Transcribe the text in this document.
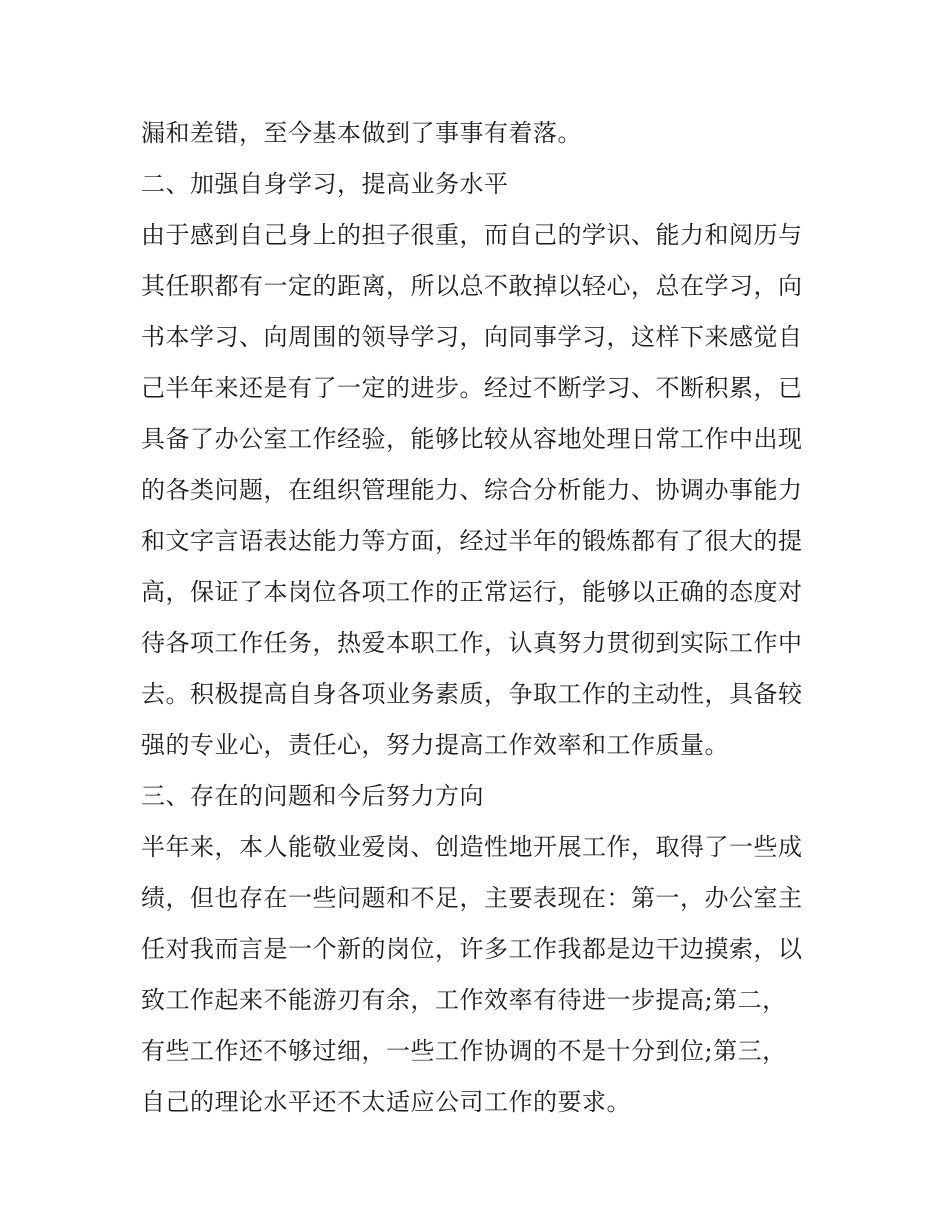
漏和差错，至今基本做到了事事有着落。

二、加强自身学习，提高业务水平

由于感到自己身上的担子很重，而自己的学识、能力和阅历与

其任职都有一定的距离，所以总不敢掉以轻心，总在学习，向

书本学习、向周围的领导学习，向同事学习，这样下来感觉自

己半年来还是有了一定的进步。经过不断学习、不断积累，已

具备了办公室工作经验，能够比较从容地处理日常工作中出现

的各类问题，在组织管理能力、综合分析能力、协调办事能力

和文字言语表达能力等方面，经过半年的锻炼都有了很大的提

高，保证了本岗位各项工作的正常运行，能够以正确的态度对

待各项工作任务，热爱本职工作，认真努力贯彻到实际工作中

去。积极提高自身各项业务素质，争取工作的主动性，具备较

强的专业心，责任心，努力提高工作效率和工作质量。

三、存在的问题和今后努力方向

半年来，本人能敬业爱岗、创造性地开展工作，取得了一些成

绩，但也存在一些问题和不足，主要表现在：第一，办公室主

任对我而言是一个新的岗位，许多工作我都是边干边摸索，以

致工作起来不能游刃有余，工作效率有待进一步提高;第二，

有些工作还不够过细，一些工作协调的不是十分到位;第三，

自己的理论水平还不太适应公司工作的要求。
